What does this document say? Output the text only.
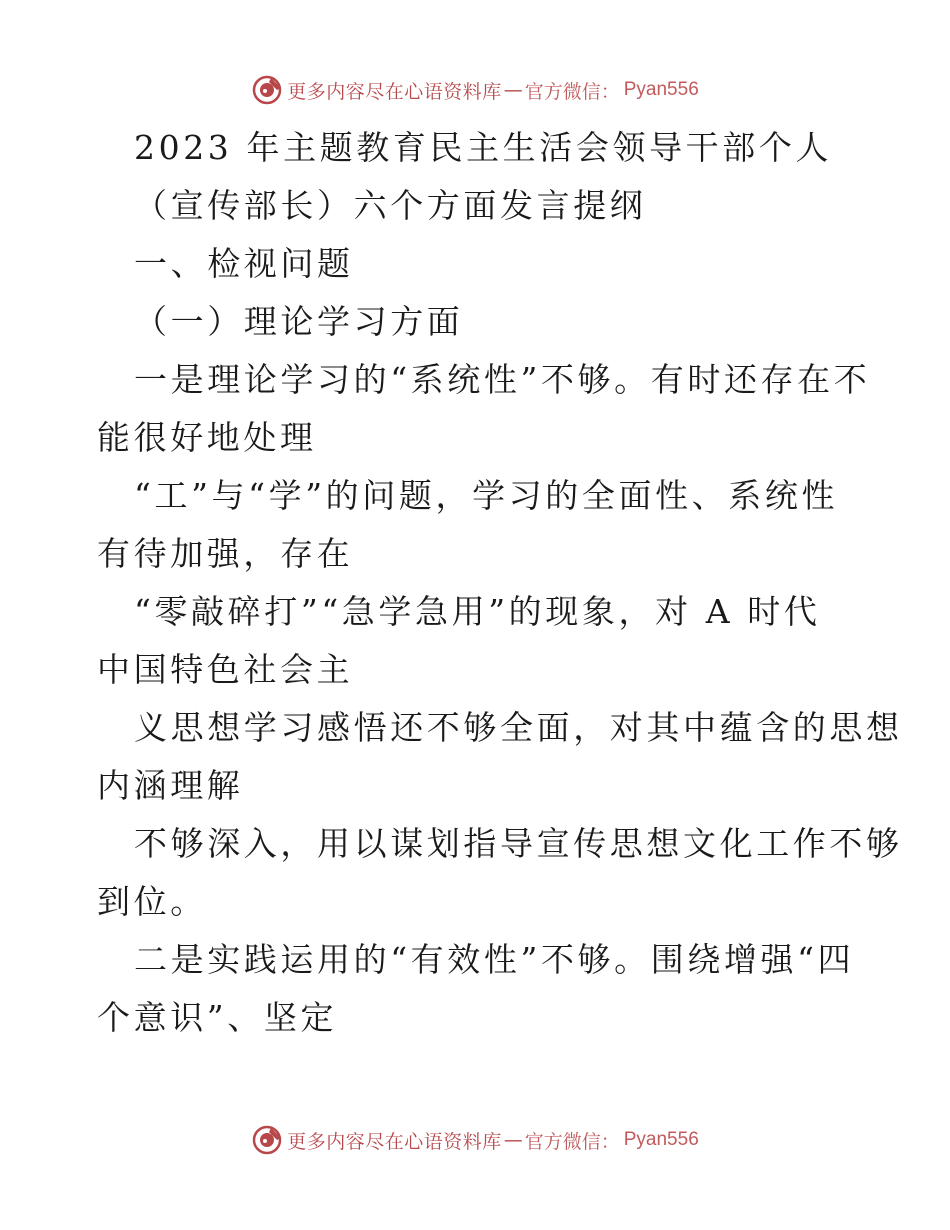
更多内容尽在心语资料库 — 官方微信： Pyan556
2023 年主题教育民主生活会领导干部个人
（宣传部长）六个方面发言提纲
一、检视问题
（一）理论学习方面
一是理论学习的“系统性”不够。有时还存在不
能很好地处理
“工”与“学”的问题，学习的全面性、系统性
有待加强，存在
“零敲碎打”“急学急用”的现象，对 A 时代
中国特色社会主
义思想学习感悟还不够全面，对其中蕴含的思想
内涵理解
不够深入，用以谋划指导宣传思想文化工作不够
到位。
二是实践运用的“有效性”不够。围绕增强“四
个意识”、坚定
更多内容尽在心语资料库 — 官方微信： Pyan556
